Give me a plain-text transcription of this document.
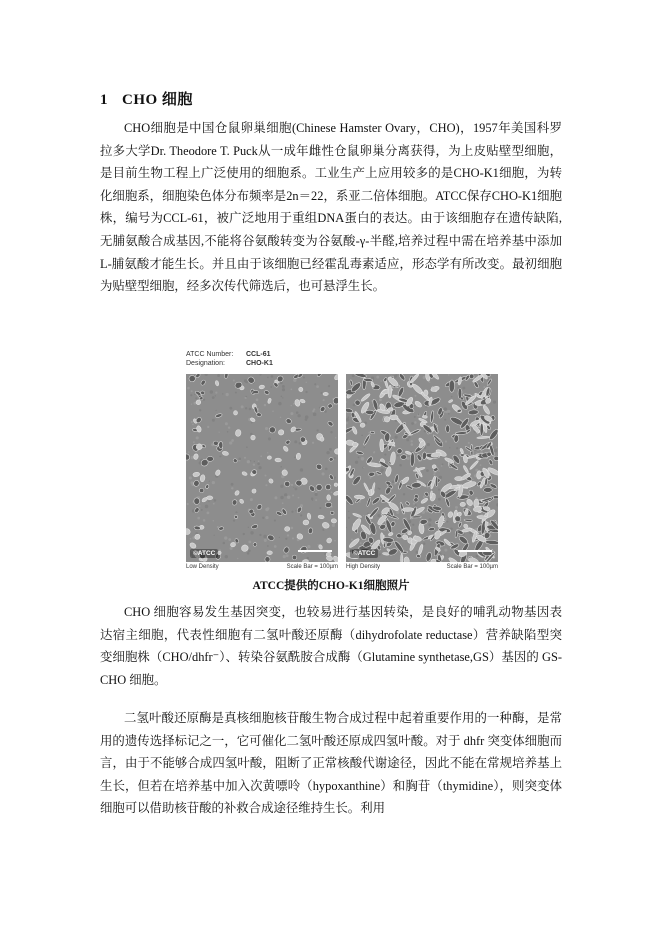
1 CHO 细胞
CHO细胞是中国仓鼠卵巢细胞(Chinese Hamster Ovary，CHO)，1957年美国科罗拉多大学Dr. Theodore T. Puck从一成年雌性仓鼠卵巢分离获得，为上皮贴壁型细胞，是目前生物工程上广泛使用的细胞系。工业生产上应用较多的是CHO-K1细胞，为转化细胞系，细胞染色体分布频率是2n＝22，系亚二倍体细胞。ATCC保存CHO-K1细胞株，编号为CCL-61，被广泛地用于重组DNA蛋白的表达。由于该细胞存在遗传缺陷,无脯氨酸合成基因,不能将谷氨酸转变为谷氨酸-γ-半醛,培养过程中需在培养基中添加L-脯氨酸才能生长。并且由于该细胞已经霍乱毒素适应，形态学有所改变。最初细胞为贴壁型细胞，经多次传代筛选后，也可悬浮生长。
ATCC Number:	CCL-61
Designation:	CHO-K1
©ATCC	©ATCC
Low Density	Scale Bar = 100µm High Density	Scale Bar = 100µm
ATCC提供的CHO-K1细胞照片
CHO 细胞容易发生基因突变，也较易进行基因转染，是良好的哺乳动物基因表达宿主细胞，代表性细胞有二氢叶酸还原酶（dihydrofolate reductase）营养缺陷型突变细胞株（CHO/dhfr⁻）、转染谷氨酰胺合成酶（Glutamine synthetase,GS）基因的 GS-CHO 细胞。
二氢叶酸还原酶是真核细胞核苷酸生物合成过程中起着重要作用的一种酶，是常用的遗传选择标记之一，它可催化二氢叶酸还原成四氢叶酸。对于 dhfr 突变体细胞而言，由于不能够合成四氢叶酸，阻断了正常核酸代谢途径，因此不能在常规培养基上生长，但若在培养基中加入次黄嘌呤（hypoxanthine）和胸苷（thymidine），则突变体细胞可以借助核苷酸的补救合成途径维持生长。利用
